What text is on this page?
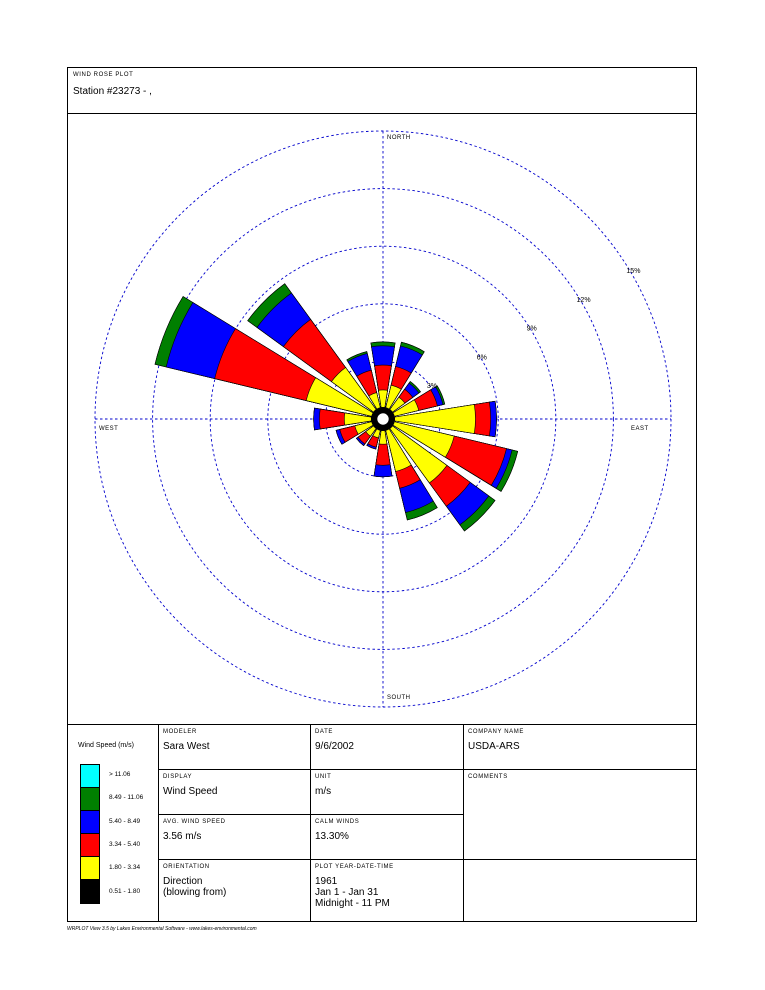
WIND ROSE PLOT
Station #23273 - ,
NORTH
SOUTH
EAST
WEST
3%
6%
9%
12%
15%
Wind Speed (m/s)
> 11.06
8.49 - 11.06
5.40 - 8.49
3.34 - 5.40
1.80 - 3.34
0.51 - 1.80
MODELER
Sara West
DATE
9/6/2002
COMPANY NAME
USDA-ARS
DISPLAY
Wind Speed
UNIT
m/s
COMMENTS
AVG. WIND SPEED
3.56 m/s
CALM WINDS
13.30%
ORIENTATION
Direction
(blowing from)
PLOT YEAR-DATE-TIME
1961
Jan 1 - Jan 31
Midnight - 11 PM
WRPLOT View 3.5 by Lakes Environmental Software - www.lakes-environmental.com
